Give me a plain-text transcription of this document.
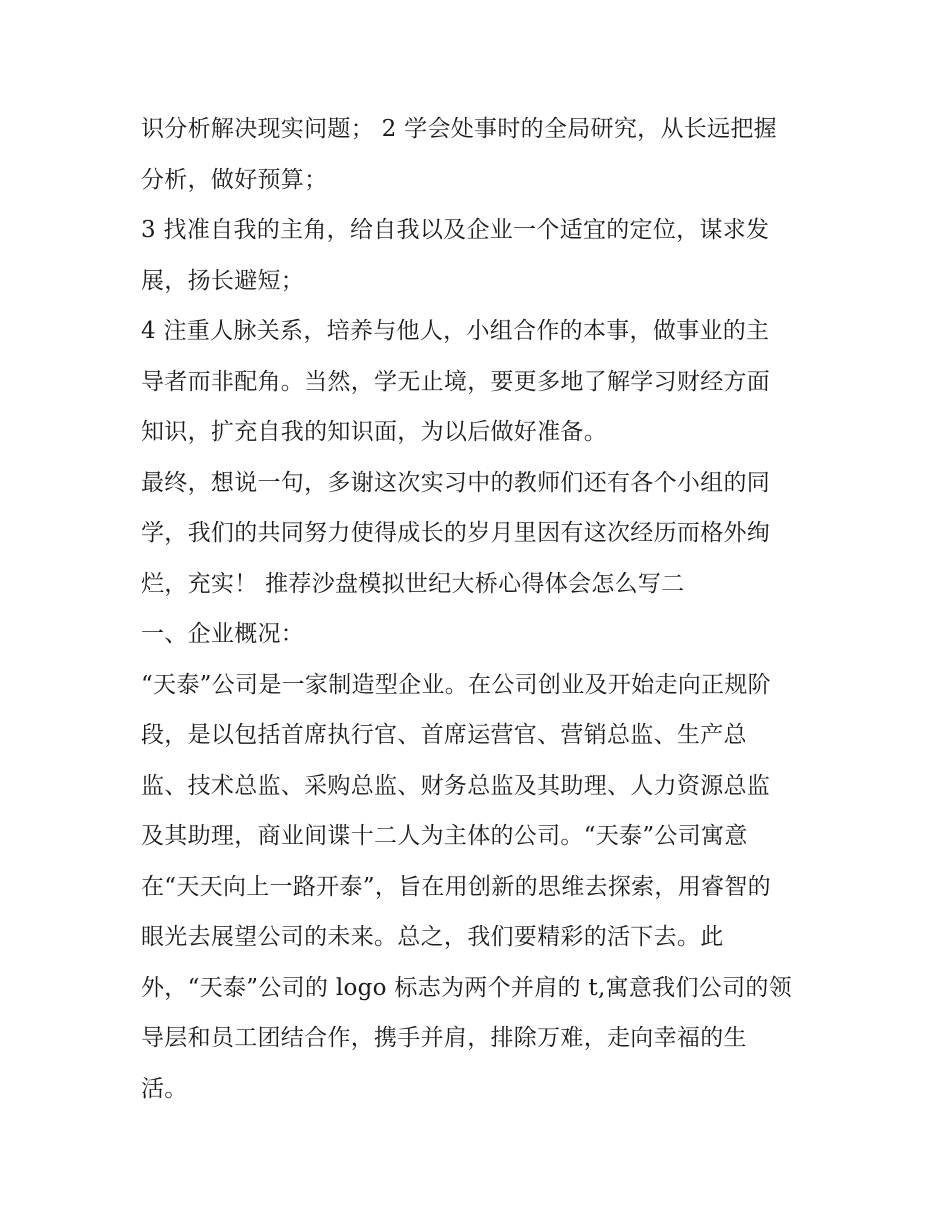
识分析解决现实问题； 2 学会处事时的全局研究，从长远把握
分析，做好预算；
3 找准自我的主角，给自我以及企业一个适宜的定位，谋求发
展，扬长避短；
4 注重人脉关系，培养与他人，小组合作的本事，做事业的主
导者而非配角。当然，学无止境，要更多地了解学习财经方面
知识，扩充自我的知识面，为以后做好准备。
最终，想说一句，多谢这次实习中的教师们还有各个小组的同
学，我们的共同努力使得成长的岁月里因有这次经历而格外绚
烂，充实！ 推荐沙盘模拟世纪大桥心得体会怎么写二
一、企业概况：
“天泰”公司是一家制造型企业。在公司创业及开始走向正规阶
段，是以包括首席执行官、首席运营官、营销总监、生产总
监、技术总监、采购总监、财务总监及其助理、人力资源总监
及其助理，商业间谍十二人为主体的公司。“天泰”公司寓意
在“天天向上一路开泰”，旨在用创新的思维去探索，用睿智的
眼光去展望公司的未来。总之，我们要精彩的活下去。此
外，“天泰”公司的 logo 标志为两个并肩的 t,寓意我们公司的领
导层和员工团结合作，携手并肩，排除万难，走向幸福的生
活。
